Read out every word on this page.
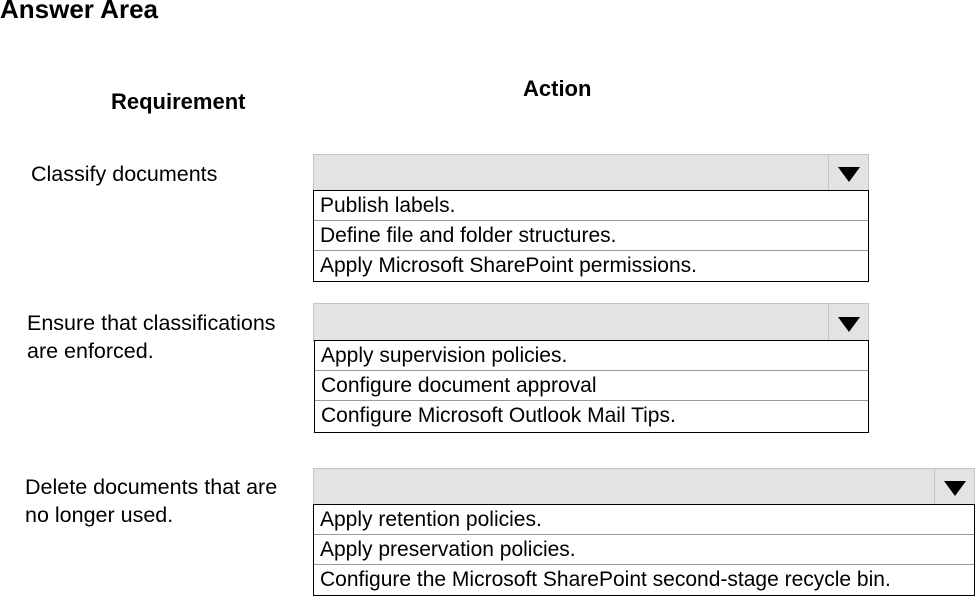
Answer Area
Requirement
Action
Classify documents
Publish labels.
Define file and folder structures.
Apply Microsoft SharePoint permissions.
Ensure that classifications
are enforced.	Apply supervision policies.
Configure document approval
Configure Microsoft Outlook Mail Tips.
Delete documents that are
no longer used.	Apply retention policies.
Apply preservation policies.
Configure the Microsoft SharePoint second-stage recycle bin.
